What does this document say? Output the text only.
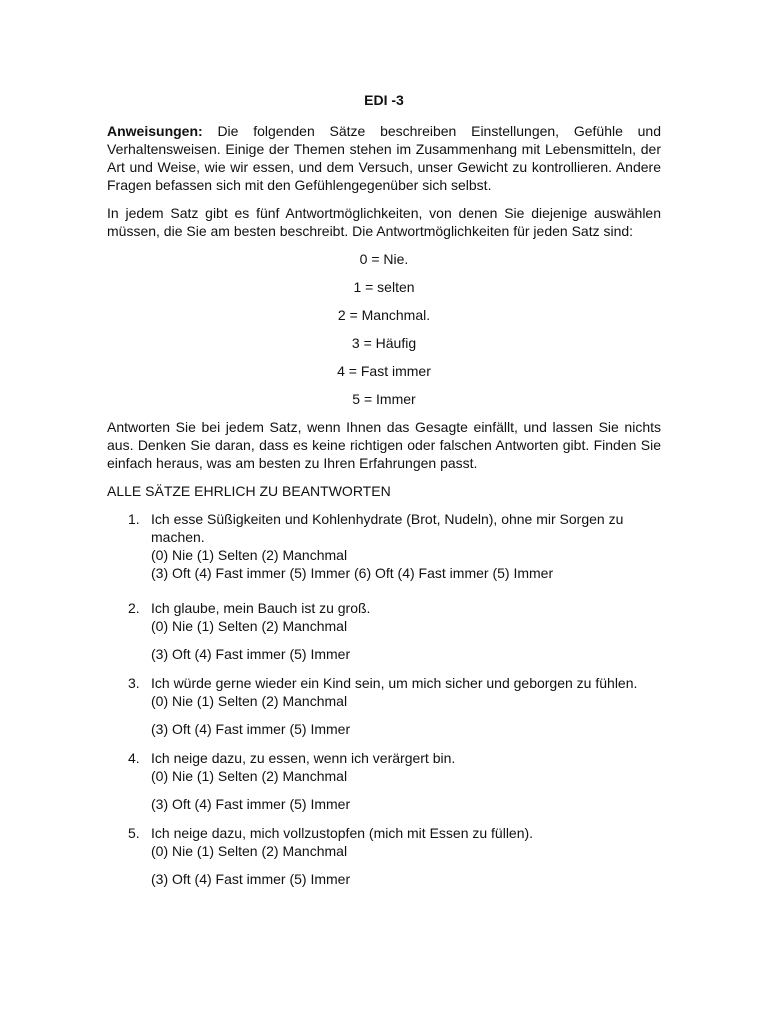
EDI -3

Anweisungen: Die folgenden Sätze beschreiben Einstellungen, Gefühle und Verhaltensweisen. Einige der Themen stehen im Zusammenhang mit Lebensmitteln, der Art und Weise, wie wir essen, und dem Versuch, unser Gewicht zu kontrollieren. Andere Fragen befassen sich mit den Gefühlengegenüber sich selbst.

In jedem Satz gibt es fünf Antwortmöglichkeiten, von denen Sie diejenige auswählen müssen, die Sie am besten beschreibt. Die Antwortmöglichkeiten für jeden Satz sind:

0 = Nie.
1 = selten
2 = Manchmal.
3 = Häufig
4 = Fast immer
5 = Immer

Antworten Sie bei jedem Satz, wenn Ihnen das Gesagte einfällt, und lassen Sie nichts aus. Denken Sie daran, dass es keine richtigen oder falschen Antworten gibt. Finden Sie einfach heraus, was am besten zu Ihren Erfahrungen passt.

ALLE SÄTZE EHRLICH ZU BEANTWORTEN

1. Ich esse Süßigkeiten und Kohlenhydrate (Brot, Nudeln), ohne mir Sorgen zu machen.
(0) Nie (1) Selten (2) Manchmal
(3) Oft (4) Fast immer (5) Immer (6) Oft (4) Fast immer (5) Immer
2. Ich glaube, mein Bauch ist zu groß.
(0) Nie (1) Selten (2) Manchmal
(3) Oft (4) Fast immer (5) Immer
3. Ich würde gerne wieder ein Kind sein, um mich sicher und geborgen zu fühlen.
(0) Nie (1) Selten (2) Manchmal
(3) Oft (4) Fast immer (5) Immer
4. Ich neige dazu, zu essen, wenn ich verärgert bin.
(0) Nie (1) Selten (2) Manchmal
(3) Oft (4) Fast immer (5) Immer
5. Ich neige dazu, mich vollzustopfen (mich mit Essen zu füllen).
(0) Nie (1) Selten (2) Manchmal
(3) Oft (4) Fast immer (5) Immer
